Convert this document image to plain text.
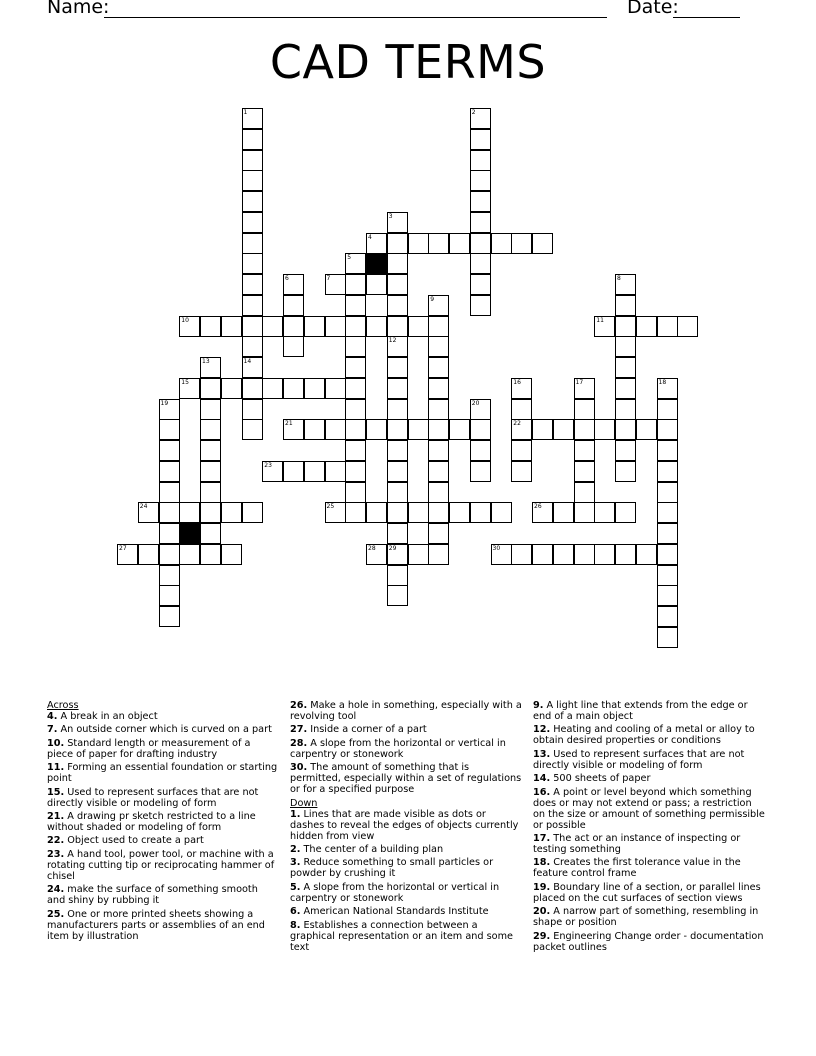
Name:	Date:
CAD TERMS
1	2
3
4
5
6	7	8
9
10	11
12
29
13	14
15	16
22
17	18
19	20
21
23
24	25	26
27	28	30
Across
4. A break in an object
7. An outside corner which is curved on a part
10. Standard length or measurement of a piece of paper for drafting industry
11. Forming an essential foundation or starting point
15. Used to represent surfaces that are not directly visible or modeling of form
21. A drawing pr sketch restricted to a line without shaded or modeling of form
22. Object used to create a part
23. A hand tool, power tool, or machine with a rotating cutting tip or reciprocating hammer of chisel
24. make the surface of something smooth and shiny by rubbing it
25. One or more printed sheets showing a manufacturers parts or assemblies of an end item by illustration
26. Make a hole in something, especially with a revolving tool
27. Inside a corner of a part
28. A slope from the horizontal or vertical in carpentry or stonework
30. The amount of something that is permitted, especially within a set of regulations or for a specified purpose
Down
1. Lines that are made visible as dots or dashes to reveal the edges of objects currently hidden from view
2. The center of a building plan
3. Reduce something to small particles or powder by crushing it
5. A slope from the horizontal or vertical in carpentry or stonework
6. American National Standards Institute
8. Establishes a connection between a graphical representation or an item and some text
9. A light line that extends from the edge or end of a main object
12. Heating and cooling of a metal or alloy to obtain desired properties or conditions
13. Used to represent surfaces that are not directly visible or modeling of form
14. 500 sheets of paper
16. A point or level beyond which something does or may not extend or pass; a restriction on the size or amount of something permissible or possible
17. The act or an instance of inspecting or testing something
18. Creates the first tolerance value in the feature control frame
19. Boundary line of a section, or parallel lines placed on the cut surfaces of section views
20. A narrow part of something, resembling in shape or position
29. Engineering Change order - documentation packet outlines
